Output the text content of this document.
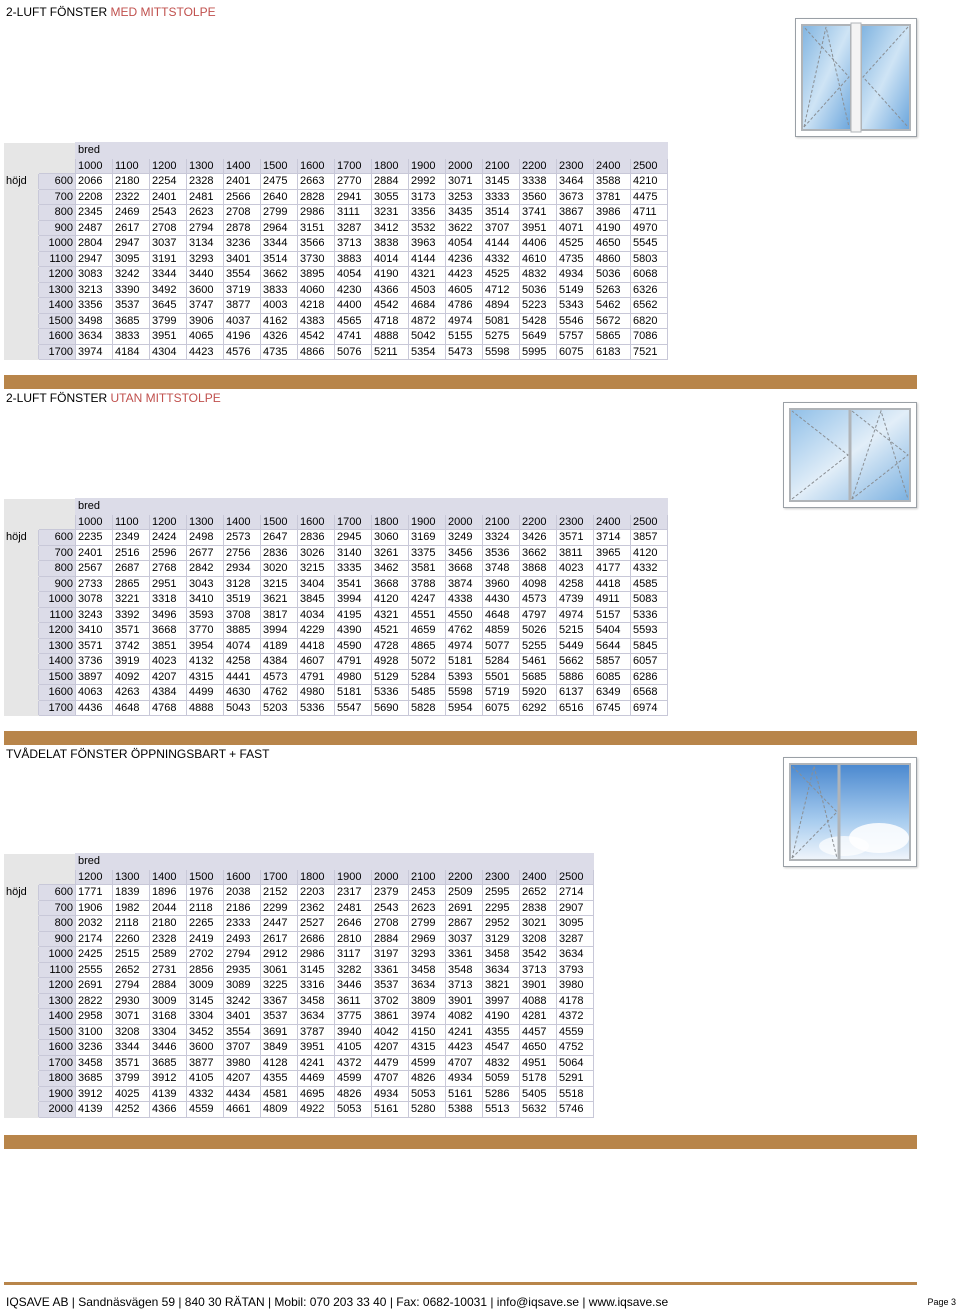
2-LUFT FÖNSTER MED MITTSTOLPE
		bred															
		1000	1100	1200	1300	1400	1500	1600	1700	1800	1900	2000	2100	2200	2300	2400	2500
höjd	600	2066	2180	2254	2328	2401	2475	2663	2770	2884	2992	3071	3145	3338	3464	3588	4210
	700	2208	2322	2401	2481	2566	2640	2828	2941	3055	3173	3253	3333	3560	3673	3781	4475
	800	2345	2469	2543	2623	2708	2799	2986	3111	3231	3356	3435	3514	3741	3867	3986	4711
	900	2487	2617	2708	2794	2878	2964	3151	3287	3412	3532	3622	3707	3951	4071	4190	4970
	1000	2804	2947	3037	3134	3236	3344	3566	3713	3838	3963	4054	4144	4406	4525	4650	5545
	1100	2947	3095	3191	3293	3401	3514	3730	3883	4014	4144	4236	4332	4610	4735	4860	5803
	1200	3083	3242	3344	3440	3554	3662	3895	4054	4190	4321	4423	4525	4832	4934	5036	6068
	1300	3213	3390	3492	3600	3719	3833	4060	4230	4366	4503	4605	4712	5036	5149	5263	6326
	1400	3356	3537	3645	3747	3877	4003	4218	4400	4542	4684	4786	4894	5223	5343	5462	6562
	1500	3498	3685	3799	3906	4037	4162	4383	4565	4718	4872	4974	5081	5428	5546	5672	6820
	1600	3634	3833	3951	4065	4196	4326	4542	4741	4888	5042	5155	5275	5649	5757	5865	7086
	1700	3974	4184	4304	4423	4576	4735	4866	5076	5211	5354	5473	5598	5995	6075	6183	7521
2-LUFT FÖNSTER UTAN MITTSTOLPE
		bred															
		1000	1100	1200	1300	1400	1500	1600	1700	1800	1900	2000	2100	2200	2300	2400	2500
höjd	600	2235	2349	2424	2498	2573	2647	2836	2945	3060	3169	3249	3324	3426	3571	3714	3857
	700	2401	2516	2596	2677	2756	2836	3026	3140	3261	3375	3456	3536	3662	3811	3965	4120
	800	2567	2687	2768	2842	2934	3020	3215	3335	3462	3581	3668	3748	3868	4023	4177	4332
	900	2733	2865	2951	3043	3128	3215	3404	3541	3668	3788	3874	3960	4098	4258	4418	4585
	1000	3078	3221	3318	3410	3519	3621	3845	3994	4120	4247	4338	4430	4573	4739	4911	5083
	1100	3243	3392	3496	3593	3708	3817	4034	4195	4321	4551	4550	4648	4797	4974	5157	5336
	1200	3410	3571	3668	3770	3885	3994	4229	4390	4521	4659	4762	4859	5026	5215	5404	5593
	1300	3571	3742	3851	3954	4074	4189	4418	4590	4728	4865	4974	5077	5255	5449	5644	5845
	1400	3736	3919	4023	4132	4258	4384	4607	4791	4928	5072	5181	5284	5461	5662	5857	6057
	1500	3897	4092	4207	4315	4441	4573	4791	4980	5129	5284	5393	5501	5685	5886	6085	6286
	1600	4063	4263	4384	4499	4630	4762	4980	5181	5336	5485	5598	5719	5920	6137	6349	6568
	1700	4436	4648	4768	4888	5043	5203	5336	5547	5690	5828	5954	6075	6292	6516	6745	6974
TVÅDELAT FÖNSTER ÖPPNINGSBART + FAST
		bred													
		1200	1300	1400	1500	1600	1700	1800	1900	2000	2100	2200	2300	2400	2500
höjd	600	1771	1839	1896	1976	2038	2152	2203	2317	2379	2453	2509	2595	2652	2714
	700	1906	1982	2044	2118	2186	2299	2362	2481	2543	2623	2691	2295	2838	2907
	800	2032	2118	2180	2265	2333	2447	2527	2646	2708	2799	2867	2952	3021	3095
	900	2174	2260	2328	2419	2493	2617	2686	2810	2884	2969	3037	3129	3208	3287
	1000	2425	2515	2589	2702	2794	2912	2986	3117	3197	3293	3361	3458	3542	3634
	1100	2555	2652	2731	2856	2935	3061	3145	3282	3361	3458	3548	3634	3713	3793
	1200	2691	2794	2884	3009	3089	3225	3316	3446	3537	3634	3713	3821	3901	3980
	1300	2822	2930	3009	3145	3242	3367	3458	3611	3702	3809	3901	3997	4088	4178
	1400	2958	3071	3168	3304	3401	3537	3634	3775	3861	3974	4082	4190	4281	4372
	1500	3100	3208	3304	3452	3554	3691	3787	3940	4042	4150	4241	4355	4457	4559
	1600	3236	3344	3446	3600	3707	3849	3951	4105	4207	4315	4423	4547	4650	4752
	1700	3458	3571	3685	3877	3980	4128	4241	4372	4479	4599	4707	4832	4951	5064
	1800	3685	3799	3912	4105	4207	4355	4469	4599	4707	4826	4934	5059	5178	5291
	1900	3912	4025	4139	4332	4434	4581	4695	4826	4934	5053	5161	5286	5405	5518
	2000	4139	4252	4366	4559	4661	4809	4922	5053	5161	5280	5388	5513	5632	5746
IQSAVE AB | Sandnäsvägen 59 | 840 30 RÄTAN | Mobil: 070 203 33 40 | Fax: 0682-10031 | info@iqsave.se | www.iqsave.se	Page 3
